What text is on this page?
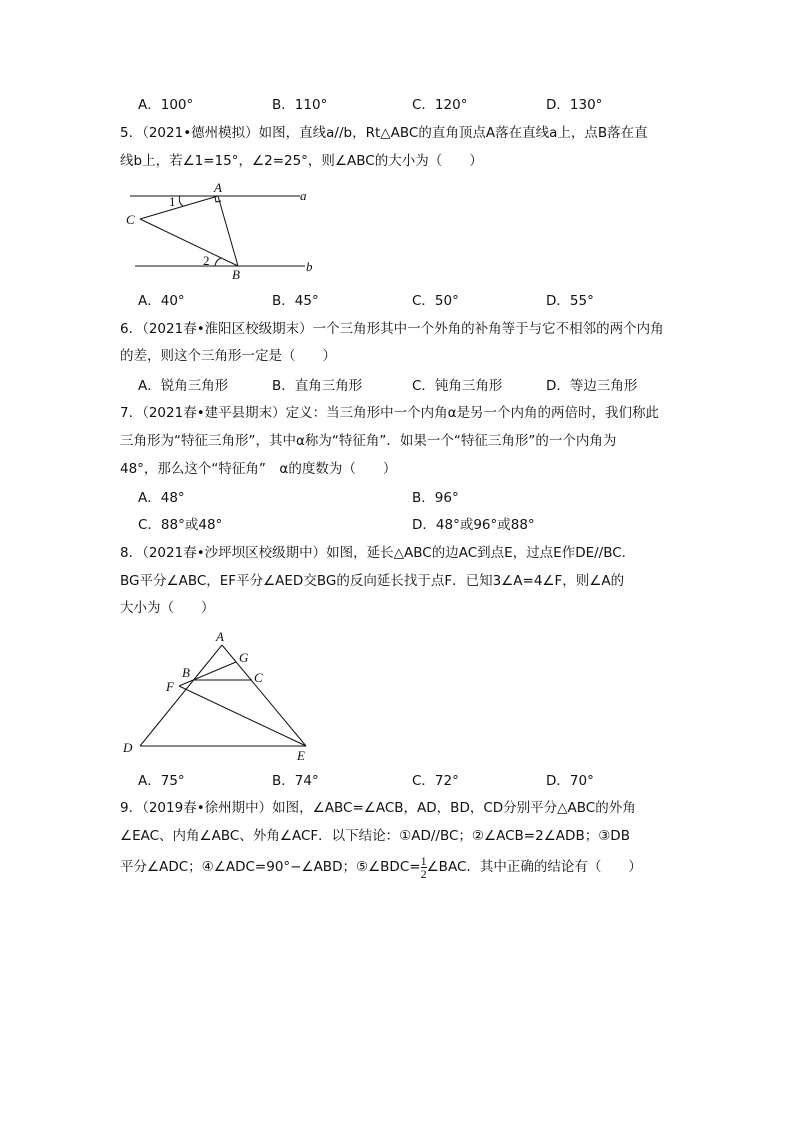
A．100°	B．110°	C．120°	D．130°
5．（2021•德州模拟）如图，直线a//b，Rt△ABC的直角顶点A落在直线a上，点B落在直
线b上，若∠1=15°，∠2=25°，则∠ABC的大小为（　　）
A
B
C
a
b
1
2
A．40°	B．45°	C．50°	D．55°
6．（2021春•淮阳区校级期末）一个三角形其中一个外角的补角等于与它不相邻的两个内角
的差，则这个三角形一定是（　　）
A．锐角三角形	B．直角三角形	C．钝角三角形	D．等边三角形
7．（2021春•建平县期末）定义：当三角形中一个内角α是另一个内角的两倍时，我们称此
三角形为“特征三角形”，其中α称为“特征角”．如果一个“特征三角形”的一个内角为
48°，那么这个“特征角”　α的度数为（　　）
A．48°	B．96°
C．88°或48°	D．48°或96°或88°
8．（2021春•沙坪坝区校级期中）如图，延长△ABC的边AC到点E，过点E作DE//BC．
BG平分∠ABC，EF平分∠AED交BG的反向延长找于点F．已知3∠A=4∠F，则∠A的
大小为（　　）
A
B	C
D
E
F
G
A．75°	B．74°	C．72°	D．70°
9．（2019春•徐州期中）如图，∠ABC=∠ACB，AD，BD，CD分别平分△ABC的外角
∠EAC、内角∠ABC、外角∠ACF．以下结论：①AD//BC；②∠ACB=2∠ADB；③DB
平分∠ADC；④∠ADC=90°−∠ABD；⑤∠BDC= $\frac{1}{2}$ ∠BAC．其中正确的结论有（　　）
